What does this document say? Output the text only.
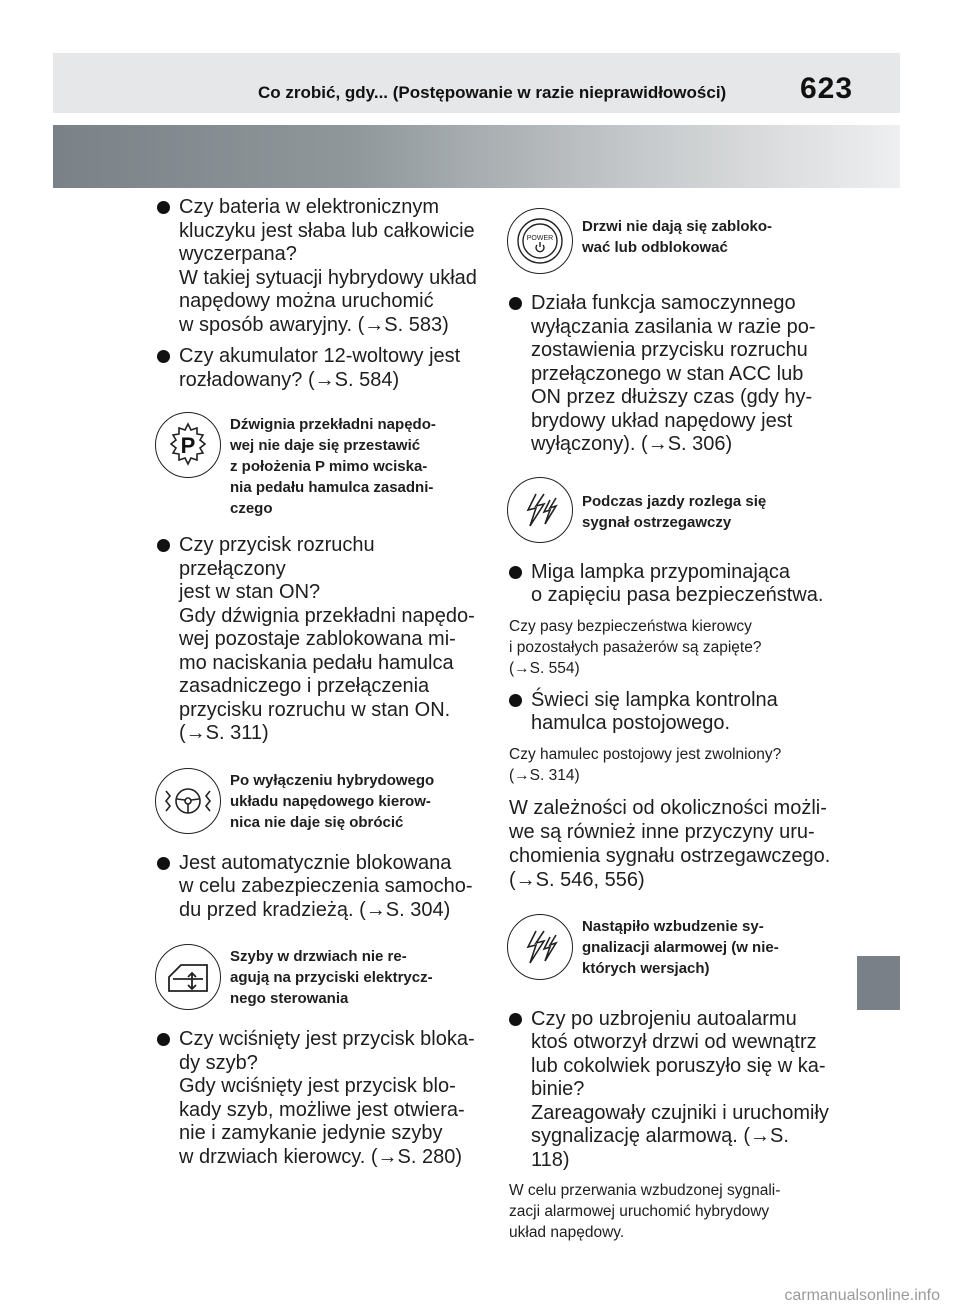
Co zrobić, gdy... (Postępowanie w razie nieprawidłowości) 623

Czy bateria w elektronicznym
kluczyku jest słaba lub całkowicie
wyczerpana?
W takiej sytuacji hybrydowy układ
napędowy można uruchomić
w sposób awaryjny. (→S. 583)

Czy akumulator 12-woltowy jest
rozładowany? (→S. 584)

P
Dźwignia przekładni napędo-
wej nie daje się przestawić
z położenia P mimo wciska-
nia pedału hamulca zasadni-
czego

Czy przycisk rozruchu przełączony
jest w stan ON?
Gdy dźwignia przekładni napędo-
wej pozostaje zablokowana mi-
mo naciskania pedału hamulca
zasadniczego i przełączenia
przycisku rozruchu w stan ON.
(→S. 311)

Po wyłączeniu hybrydowego
układu napędowego kierow-
nica nie daje się obrócić

Jest automatycznie blokowana
w celu zabezpieczenia samocho-
du przed kradzieżą. (→S. 304)

Szyby w drzwiach nie re-
agują na przyciski elektrycz-
nego sterowania

Czy wciśnięty jest przycisk bloka-
dy szyb?
Gdy wciśnięty jest przycisk blo-
kady szyb, możliwe jest otwiera-
nie i zamykanie jedynie szyby
w drzwiach kierowcy. (→S. 280)

POWER
Drzwi nie dają się zabloko-
wać lub odblokować

Działa funkcja samoczynnego
wyłączania zasilania w razie po-
zostawienia przycisku rozruchu
przełączonego w stan ACC lub
ON przez dłuższy czas (gdy hy-
brydowy układ napędowy jest
wyłączony). (→S. 306)

Podczas jazdy rozlega się
sygnał ostrzegawczy

Miga lampka przypominająca
o zapięciu pasa bezpieczeństwa.

Czy pasy bezpieczeństwa kierowcy
i pozostałych pasażerów są zapięte?
(→S. 554)

Świeci się lampka kontrolna
hamulca postojowego.

Czy hamulec postojowy jest zwolniony?
(→S. 314)
W zależności od okoliczności możli-
we są również inne przyczyny uru-
chomienia sygnału ostrzegawczego.
(→S. 546, 556)
Nastąpiło wzbudzenie sy-
gnalizacji alarmowej (w nie-
których wersjach)

Czy po uzbrojeniu autoalarmu
ktoś otworzył drzwi od wewnątrz
lub cokolwiek poruszyło się w ka-
binie?
Zareagowały czujniki i uruchomiły
sygnalizację alarmową. (→S. 118)

W celu przerwania wzbudzonej sygnali-
zacji alarmowej uruchomić hybrydowy
układ napędowy.
carmanualsonline.info
